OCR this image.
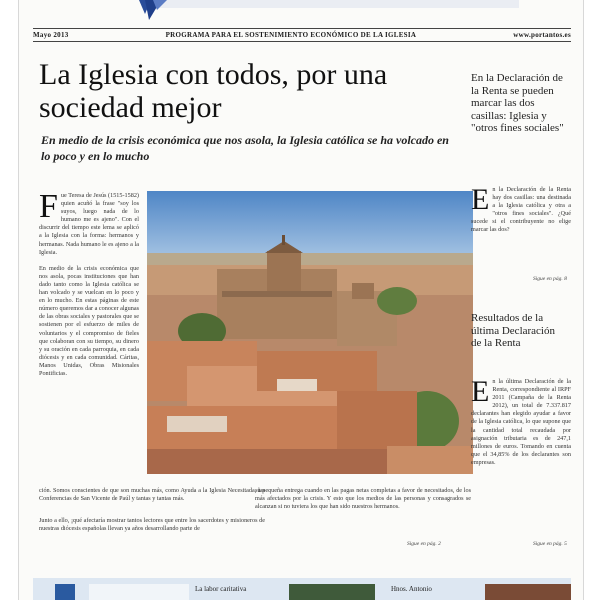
Mayo 2013	PROGRAMA PARA EL SOSTENIMIENTO ECONÓMICO DE LA IGLESIA	www.portantos.es
La Iglesia con todos, por una sociedad mejor
En medio de la crisis económica que nos asola, la Iglesia católica se ha volcado en lo poco y en lo mucho
F ue Teresa de Jesús (1515-1582) quien acuñó la frase "soy los suyos, luego nada de lo humano me es ajeno". Con el discurrir del tiempo este lema se aplicó a la Iglesia con la forma: hermanos y hermanas. Nada humano le es ajeno a la Iglesia.
En medio de la crisis económica que nos asola, pocas instituciones que han dado tanto como la Iglesia católica se han volcado y se vuelcan en lo poco y en lo mucho. En estas páginas de este número queremos dar a conocer algunas de las obras sociales y pastorales que se sostienen por el esfuerzo de miles de voluntarios y el compromiso de fieles que colaboran con su tiempo, su dinero y su oración en cada parroquia, en cada diócesis y en cada comunidad. Cáritas, Manos Unidas, Obras Misionales Pontificias.
ción. Somos conscientes de que son muchas más, como Ayuda a la Iglesia Necesitada, las Conferencias de San Vicente de Paúl y tantas y tantas más.
Junto a ello, ¡qué afectaría mostrar tantos lectores que entre los sacerdotes y misioneros de nuestras diócesis españolas llevan ya años desarrollando parte de
su pequeña entrega cuando en las pagas netas completas a favor de necesitados, de los más afectados por la crisis. Y esto que los medios de las personas y consagrados se alcanzan si no tuviera los que han sido nuestros hermanos.
Sigue en pág. 2
En la Declaración de la Renta se pueden marcar las dos casillas: Iglesia y "otros fines sociales"
E n la Declaración de la Renta hay dos casillas: una destinada a la Iglesia católica y otra a "otros fines sociales". ¿Qué sucede si el contribuyente no elige marcar las dos?
Sigue en pág. 8
Resultados de la última Declaración de la Renta
E n la última Declaración de la Renta, correspondiente al IRPF 2011 (Campaña de la Renta 2012), un total de 7.337.817 declarantes han elegido ayudar a favor de la Iglesia católica, lo que supone que la cantidad total recaudada por asignación tributaria es de 247,1 millones de euros. Tomando en cuenta que el 34,85% de los declarantes son empresas.
Sigue en pág. 5
La labor caritativa	Hnos. Antonio
